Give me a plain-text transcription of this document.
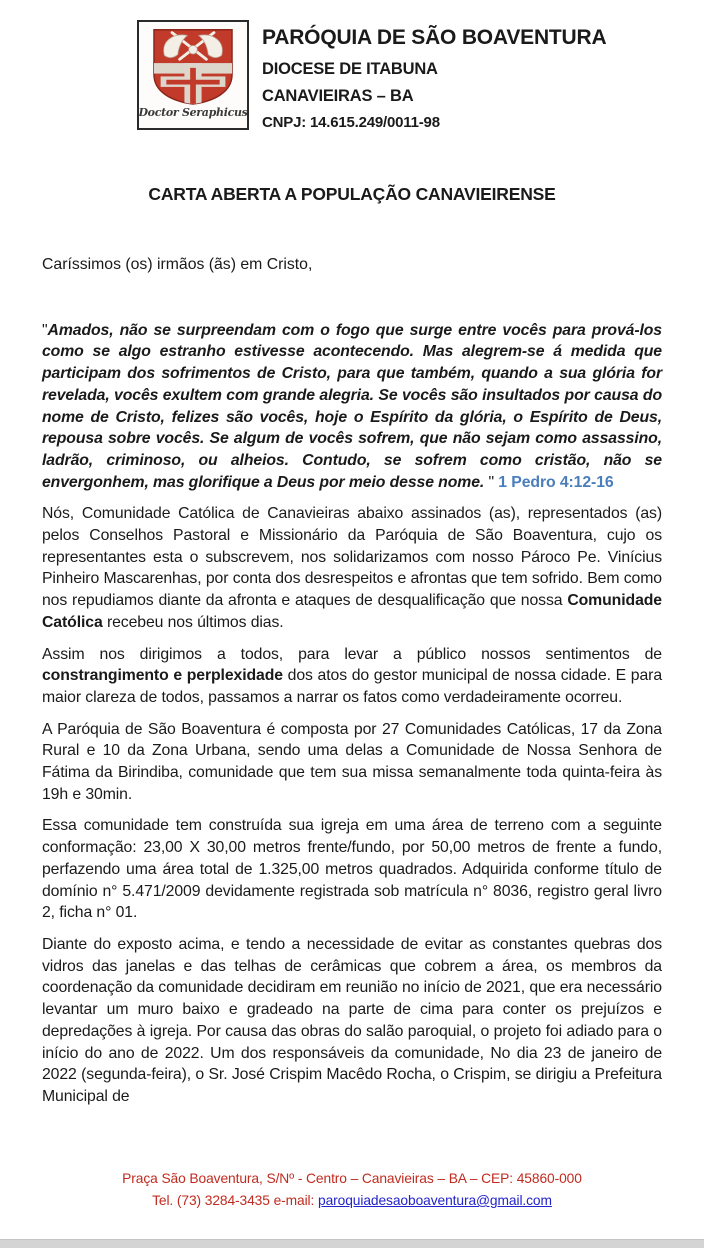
Doctor Seraphicus
PARÓQUIA DE SÃO BOAVENTURA
DIOCESE DE ITABUNA
CANAVIEIRAS – BA
CNPJ: 14.615.249/0011-98
CARTA ABERTA A POPULAÇÃO CANAVIEIRENSE

Caríssimos (os) irmãos (ãs) em Cristo,

"Amados, não se surpreendam com o fogo que surge entre vocês para prová-los como se algo estranho estivesse acontecendo. Mas alegrem-se á medida que participam dos sofrimentos de Cristo, para que também, quando a sua glória for revelada, vocês exultem com grande alegria. Se vocês são insultados por causa do nome de Cristo, felizes são vocês, hoje o Espírito da glória, o Espírito de Deus, repousa sobre vocês. Se algum de vocês sofrem, que não sejam como assassino, ladrão, criminoso, ou alheios. Contudo, se sofrem como cristão, não se envergonhem, mas glorifique a Deus por meio desse nome. " 1 Pedro 4:12-16

Nós, Comunidade Católica de Canavieiras abaixo assinados (as), representados (as) pelos Conselhos Pastoral e Missionário da Paróquia de São Boaventura, cujo os representantes esta o subscrevem, nos solidarizamos com nosso Pároco Pe. Vinícius Pinheiro Mascarenhas, por conta dos desrespeitos e afrontas que tem sofrido. Bem como nos repudiamos diante da afronta e ataques de desqualificação que nossa Comunidade Católica recebeu nos últimos dias.

Assim nos dirigimos a todos, para levar a público nossos sentimentos de constrangimento e perplexidade dos atos do gestor municipal de nossa cidade. E para maior clareza de todos, passamos a narrar os fatos como verdadeiramente ocorreu.

A Paróquia de São Boaventura é composta por 27 Comunidades Católicas, 17 da Zona Rural e 10 da Zona Urbana, sendo uma delas a Comunidade de Nossa Senhora de Fátima da Birindiba, comunidade que tem sua missa semanalmente toda quinta-feira às 19h e 30min.

Essa comunidade tem construída sua igreja em uma área de terreno com a seguinte conformação: 23,00 X 30,00 metros frente/fundo, por 50,00 metros de frente a fundo, perfazendo uma área total de 1.325,00 metros quadrados. Adquirida conforme título de domínio n° 5.471/2009 devidamente registrada sob matrícula n° 8036, registro geral livro 2, ficha n° 01.

Diante do exposto acima, e tendo a necessidade de evitar as constantes quebras dos vidros das janelas e das telhas de cerâmicas que cobrem a área, os membros da coordenação da comunidade decidiram em reunião no início de 2021, que era necessário levantar um muro baixo e gradeado na parte de cima para conter os prejuízos e depredações à igreja. Por causa das obras do salão paroquial, o projeto foi adiado para o início do ano de 2022. Um dos responsáveis da comunidade, No dia 23 de janeiro de 2022 (segunda-feira), o Sr. José Crispim Macêdo Rocha, o Crispim, se dirigiu a Prefeitura Municipal de

Praça São Boaventura, S/Nº - Centro – Canavieiras – BA – CEP: 45860-000
Tel. (73) 3284-3435 e-mail: paroquiadesaoboaventura@gmail.com
